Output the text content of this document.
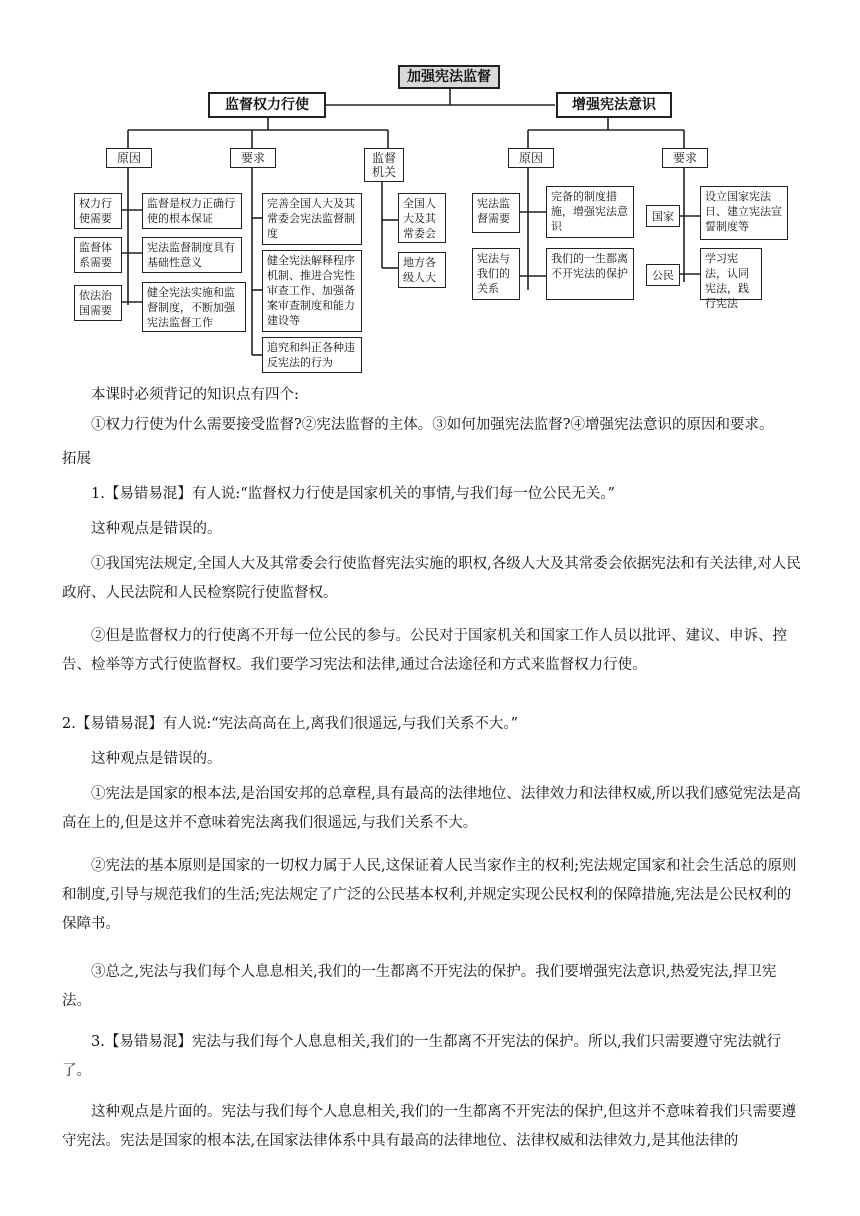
加强宪法监督
监督权力行使	增强宪法意识
原因	要求	监督机关
权力行使需要
监督体系需要
依法治国需要
监督是权力正确行使的根本保证
宪法监督制度具有基础性意义
健全宪法实施和监督制度，不断加强宪法监督工作
完善全国人大及其常委会宪法监督制度
健全宪法解释程序机制、推进合宪性审查工作、加强备案审查制度和能力建设等
追究和纠正各种违反宪法的行为
全国人大及其常委会
地方各级人大
原因	要求
宪法监督需要
宪法与我们的关系
完备的制度措施，增强宪法意识
我们的一生都离不开宪法的保护
国家
公民
设立国家宪法日、建立宪法宣誓制度等
学习宪法，认同宪法，践行宪法
本课时必须背记的知识点有四个:
①权力行使为什么需要接受监督?②宪法监督的主体。③如何加强宪法监督?④增强宪法意识的原因和要求。
拓展
1.【易错易混】有人说:“监督权力行使是国家机关的事情,与我们每一位公民无关。”
这种观点是错误的。
①我国宪法规定,全国人大及其常委会行使监督宪法实施的职权,各级人大及其常委会依据宪法和有关法律,对人民政府、人民法院和人民检察院行使监督权。
②但是监督权力的行使离不开每一位公民的参与。公民对于国家机关和国家工作人员以批评、建议、申诉、控告、检举等方式行使监督权。我们要学习宪法和法律,通过合法途径和方式来监督权力行使。
2.【易错易混】有人说:“宪法高高在上,离我们很遥远,与我们关系不大。”
这种观点是错误的。
①宪法是国家的根本法,是治国安邦的总章程,具有最高的法律地位、法律效力和法律权威,所以我们感觉宪法是高高在上的,但是这并不意味着宪法离我们很遥远,与我们关系不大。
②宪法的基本原则是国家的一切权力属于人民,这保证着人民当家作主的权利;宪法规定国家和社会生活总的原则和制度,引导与规范我们的生活;宪法规定了广泛的公民基本权利,并规定实现公民权利的保障措施,宪法是公民权利的保障书。
③总之,宪法与我们每个人息息相关,我们的一生都离不开宪法的保护。我们要增强宪法意识,热爱宪法,捍卫宪法。
3.【易错易混】宪法与我们每个人息息相关,我们的一生都离不开宪法的保护。所以,我们只需要遵守宪法就行了。
这种观点是片面的。宪法与我们每个人息息相关,我们的一生都离不开宪法的保护,但这并不意味着我们只需要遵守宪法。宪法是国家的根本法,在国家法律体系中具有最高的法律地位、法律权威和法律效力,是其他法律的
